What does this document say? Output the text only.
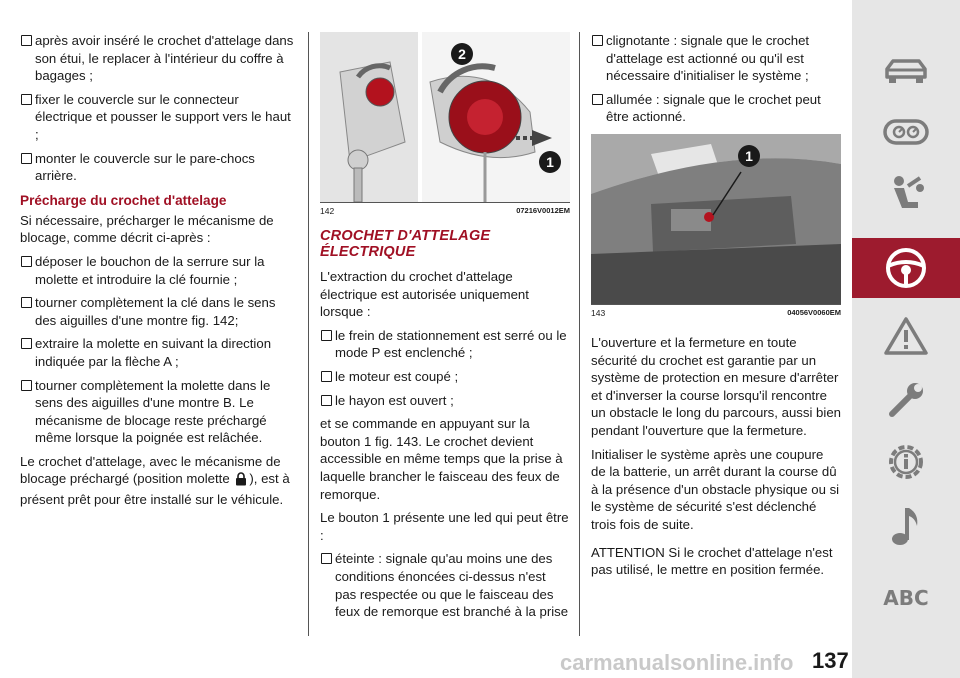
après avoir inséré le crochet d'attelage dans son étui, le replacer à l'intérieur du coffre à bagages ;

fixer le couvercle sur le connecteur électrique et pousser le support vers le haut ;

monter le couvercle sur le pare-chocs arrière.

Précharge du crochet d'attelage

Si nécessaire, précharger le mécanisme de blocage, comme décrit ci-après :

déposer le bouchon de la serrure sur la molette et introduire la clé fournie ;

tourner complètement la clé dans le sens des aiguilles d'une montre fig. 142;

extraire la molette en suivant la direction indiquée par la flèche A ;

tourner complètement la molette dans le sens des aiguilles d'une montre B. Le mécanisme de blocage reste préchargé même lorsque la poignée est relâchée.

Le crochet d'attelage, avec le mécanisme de blocage préchargé (position molette ), est à présent prêt pour être installé sur le véhicule.

2
1
142	07216V0012EM
CROCHET D'ATTELAGE ÉLECTRIQUE

L'extraction du crochet d'attelage électrique est autorisée uniquement lorsque :

le frein de stationnement est serré ou le mode P est enclenché ;

le moteur est coupé ;

le hayon est ouvert ;

et se commande en appuyant sur la bouton 1 fig. 143. Le crochet devient accessible en même temps que la prise à laquelle brancher le faisceau des feux de remorque.

Le bouton 1 présente une led qui peut être :

éteinte : signale qu'au moins une des conditions énoncées ci-dessus n'est pas respectée ou que le faisceau des feux de remorque est branché à la prise

clignotante : signale que le crochet d'attelage est actionné ou qu'il est nécessaire d'initialiser le système ;

allumée : signale que le crochet peut être actionné.

1
143	04056V0060EM

L'ouverture et la fermeture en toute sécurité du crochet est garantie par un système de protection en mesure d'arrêter et d'inverser la course lorsqu'il rencontre un obstacle le long du parcours, aussi bien pendant l'ouverture que la fermeture.

Initialiser le système après une coupure de la batterie, un arrêt durant la course dû à la présence d'un obstacle physique ou si le système de sécurité s'est déclenché trois fois de suite.

ATTENTION Si le crochet d'attelage n'est pas utilisé, le mettre en position fermée.

ABC
carmanualsonline.info 137
